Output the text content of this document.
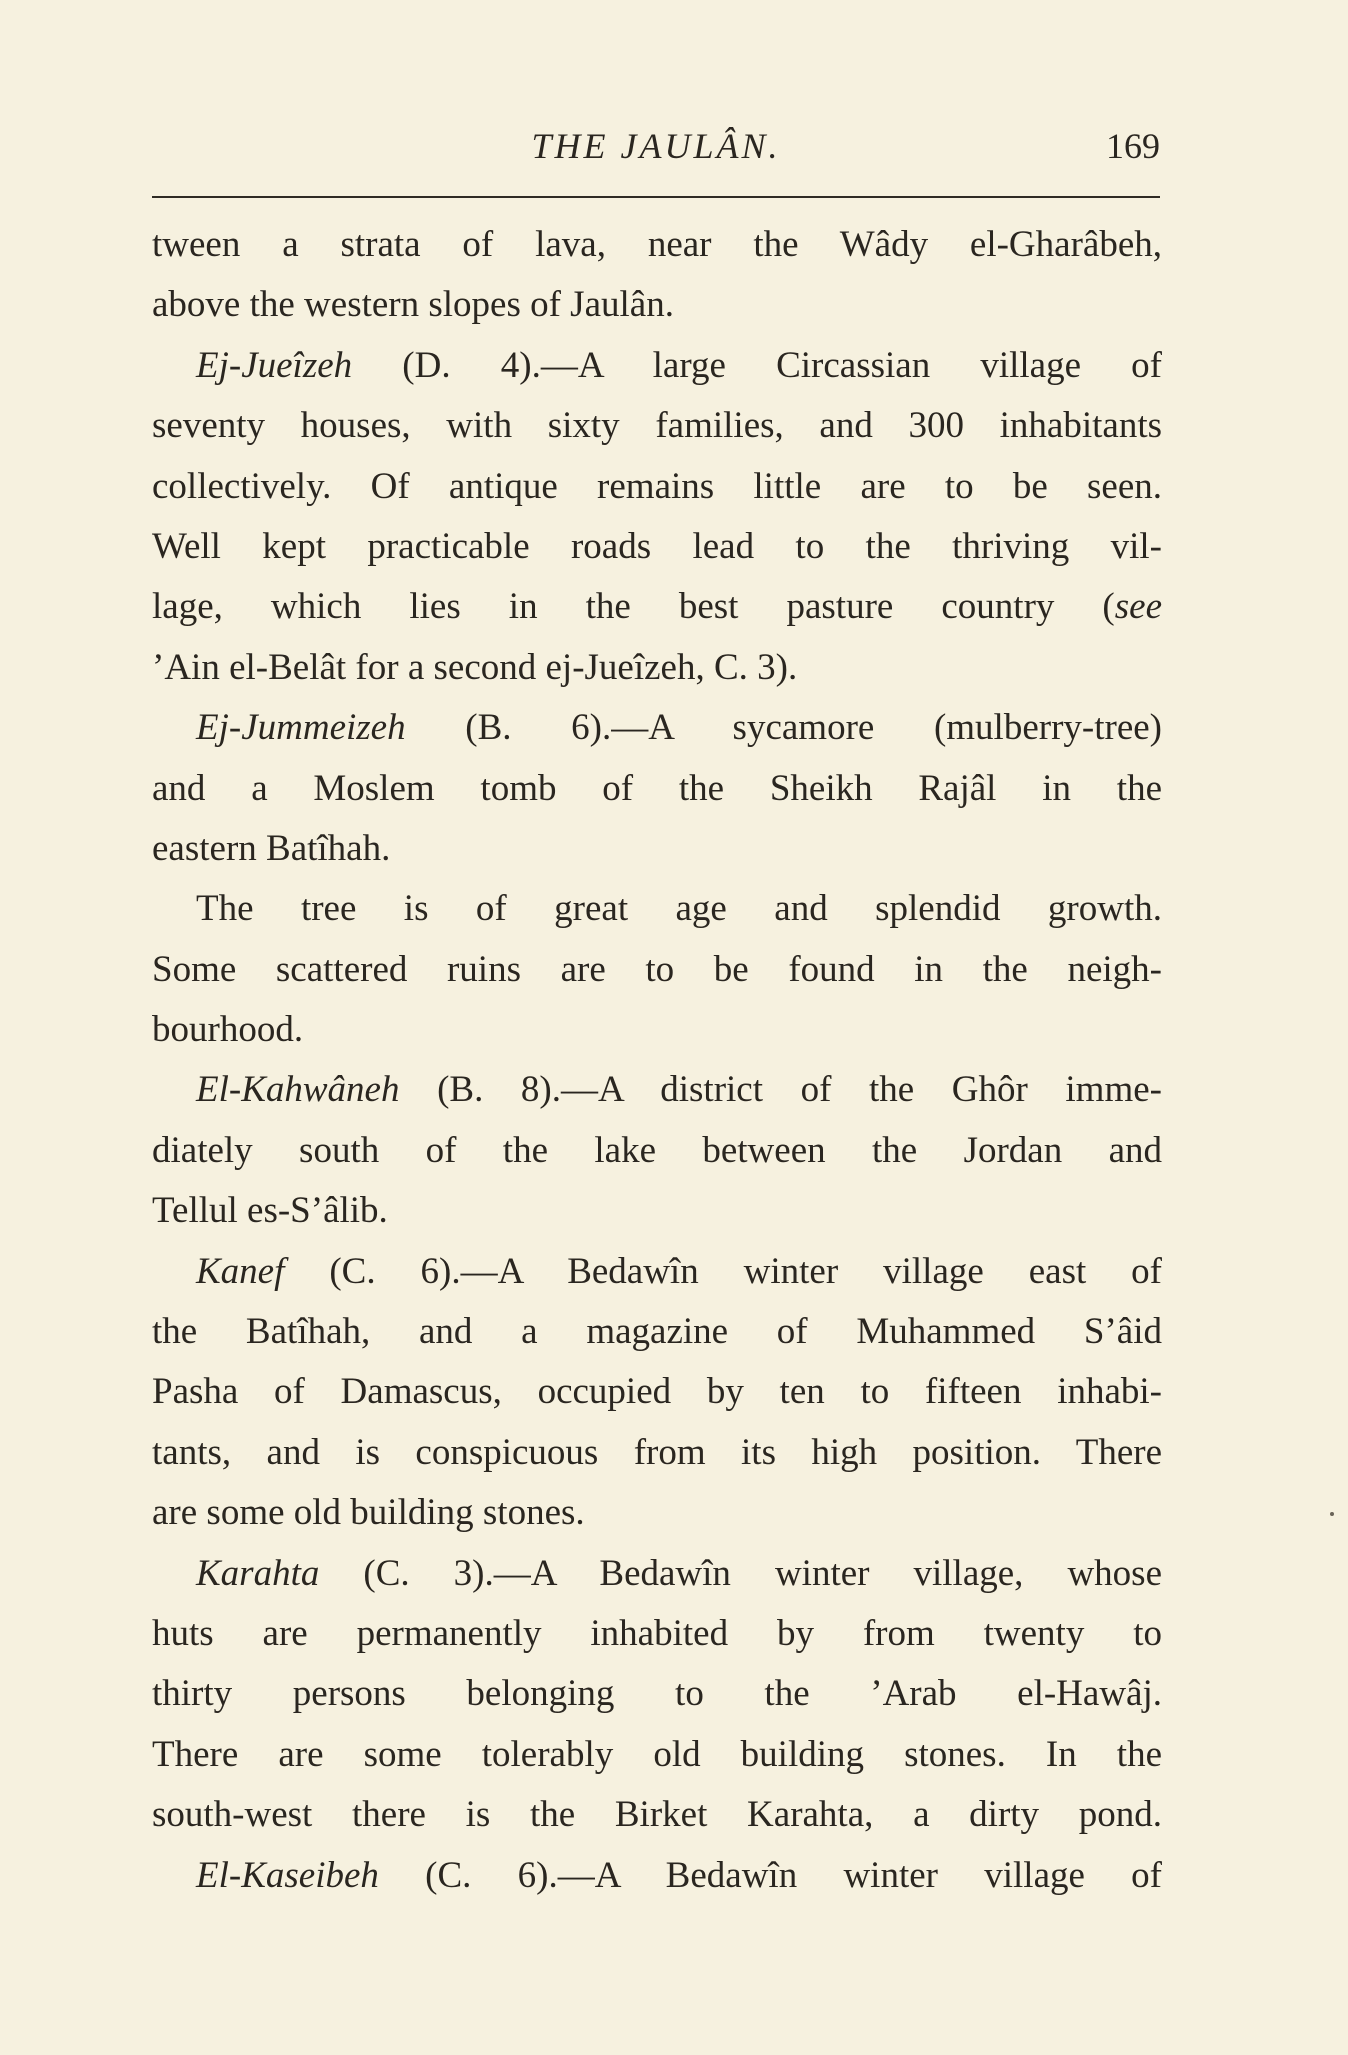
THE JAULÂN.	169
tween a strata of lava, near the Wâdy el-Gharâbeh,
above the western slopes of Jaulân.
Ej-Jueîzeh (D. 4).—A large Circassian village of
seventy houses, with sixty families, and 300 inhabitants
collectively. Of antique remains little are to be seen.
Well kept practicable roads lead to the thriving vil-
lage, which lies in the best pasture country (see
’Ain el-Belât for a second ej-Jueîzeh, C. 3).
Ej-Jummeizeh (B. 6).—A sycamore (mulberry-tree)
and a Moslem tomb of the Sheikh Rajâl in the
eastern Batîhah.
The tree is of great age and splendid growth.
Some scattered ruins are to be found in the neigh-
bourhood.
El-Kahwâneh (B. 8).—A district of the Ghôr imme-
diately south of the lake between the Jordan and
Tellul es-S’âlib.
Kanef (C. 6).—A Bedawîn winter village east of
the Batîhah, and a magazine of Muhammed S’âid
Pasha of Damascus, occupied by ten to fifteen inhabi-
tants, and is conspicuous from its high position. There
are some old building stones.
Karahta (C. 3).—A Bedawîn winter village, whose
huts are permanently inhabited by from twenty to
thirty persons belonging to the ’Arab el-Hawâj.
There are some tolerably old building stones. In the
south-west there is the Birket Karahta, a dirty pond.
El-Kaseibeh (C. 6).—A Bedawîn winter village of
